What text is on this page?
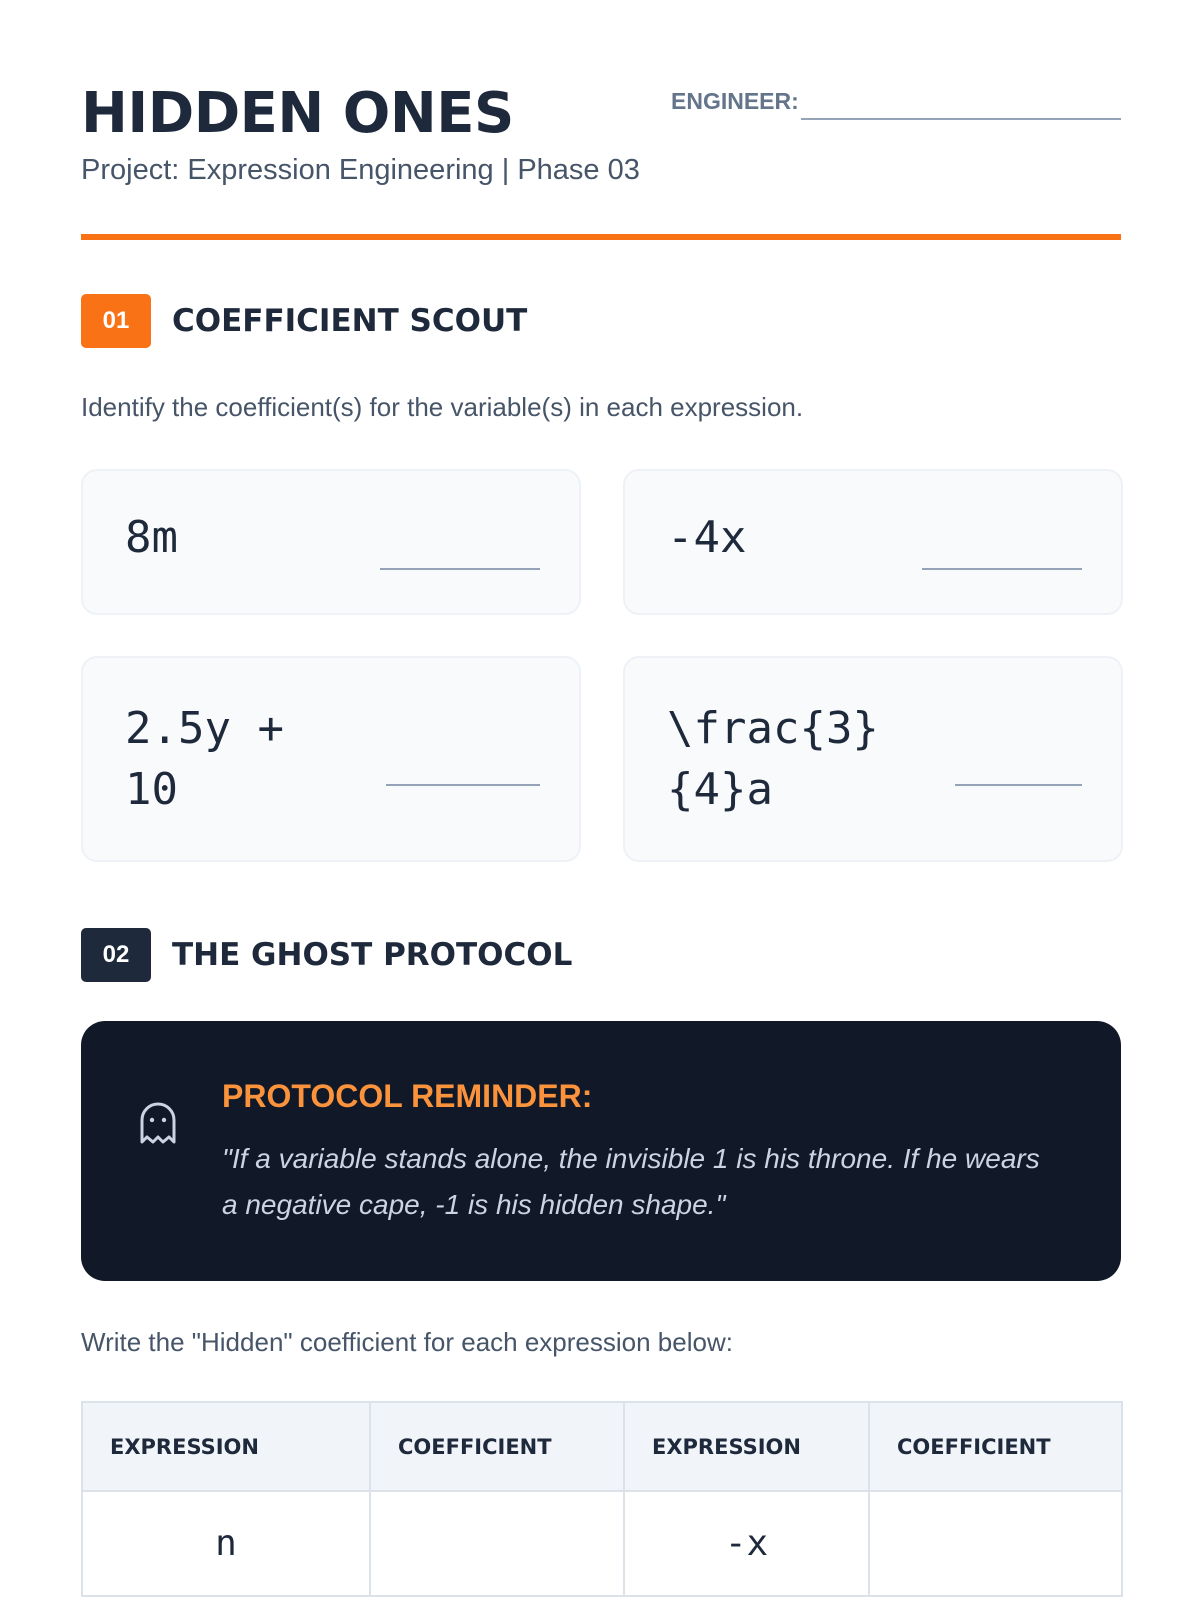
HIDDEN ONES
Project: Expression Engineering | Phase 03
ENGINEER:
01	COEFFICIENT SCOUT
Identify the coefficient(s) for the variable(s) in each expression.
8m	-4x
2.5y +
10
\frac{3}
{4}a
02	THE GHOST PROTOCOL
PROTOCOL REMINDER:
"If a variable stands alone, the invisible 1 is his throne. If he wears a negative cape, -1 is his hidden shape."
Write the "Hidden" coefficient for each expression below:
EXPRESSION	COEFFICIENT	EXPRESSION	COEFFICIENT
n		-x	
